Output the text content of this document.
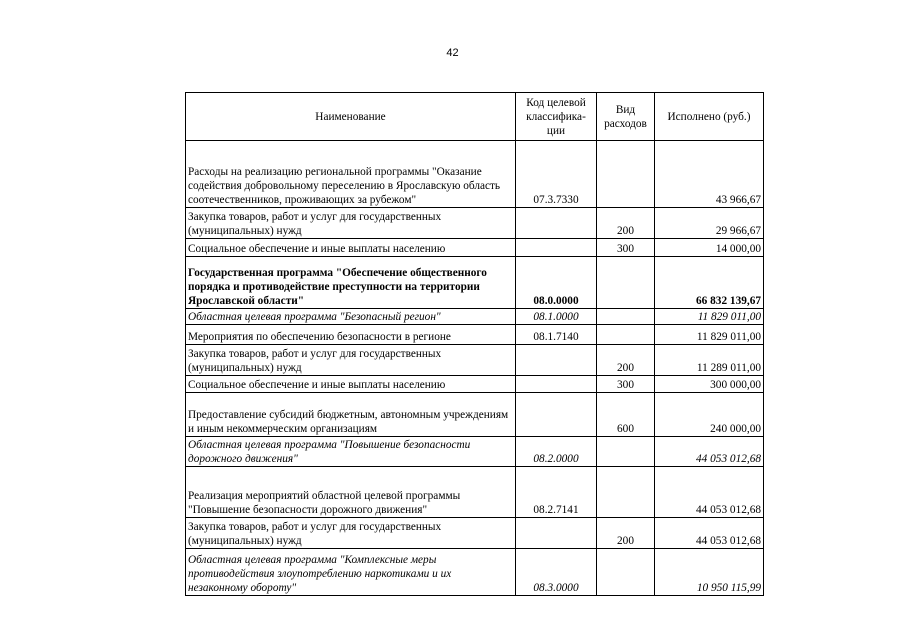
42
Наименование	Код целевой классифика-ции	Вид расходов	Исполнено (руб.)
Расходы на реализацию региональной программы "Оказание содействия добровольному переселению в Ярославскую область соотечественников, проживающих за рубежом"	07.3.7330		43 966,67
Закупка товаров, работ и услуг для государственных (муниципальных) нужд		200	29 966,67
Социальное обеспечение и иные выплаты населению		300	14 000,00
Государственная программа "Обеспечение общественного порядка и противодействие преступности на территории Ярославской области"	08.0.0000		66 832 139,67
Областная целевая программа "Безопасный регион"	08.1.0000		11 829 011,00
Мероприятия по обеспечению безопасности в регионе	08.1.7140		11 829 011,00
Закупка товаров, работ и услуг для государственных (муниципальных) нужд		200	11 289 011,00
Социальное обеспечение и иные выплаты населению		300	300 000,00
Предоставление субсидий бюджетным, автономным учреждениям и иным некоммерческим организациям		600	240 000,00
Областная целевая программа "Повышение безопасности дорожного движения"	08.2.0000		44 053 012,68
Реализация мероприятий областной целевой программы "Повышение безопасности дорожного движения"	08.2.7141		44 053 012,68
Закупка товаров, работ и услуг для государственных (муниципальных) нужд		200	44 053 012,68
Областная целевая программа "Комплексные меры противодействия злоупотреблению наркотиками и их незаконному обороту"	08.3.0000		10 950 115,99
